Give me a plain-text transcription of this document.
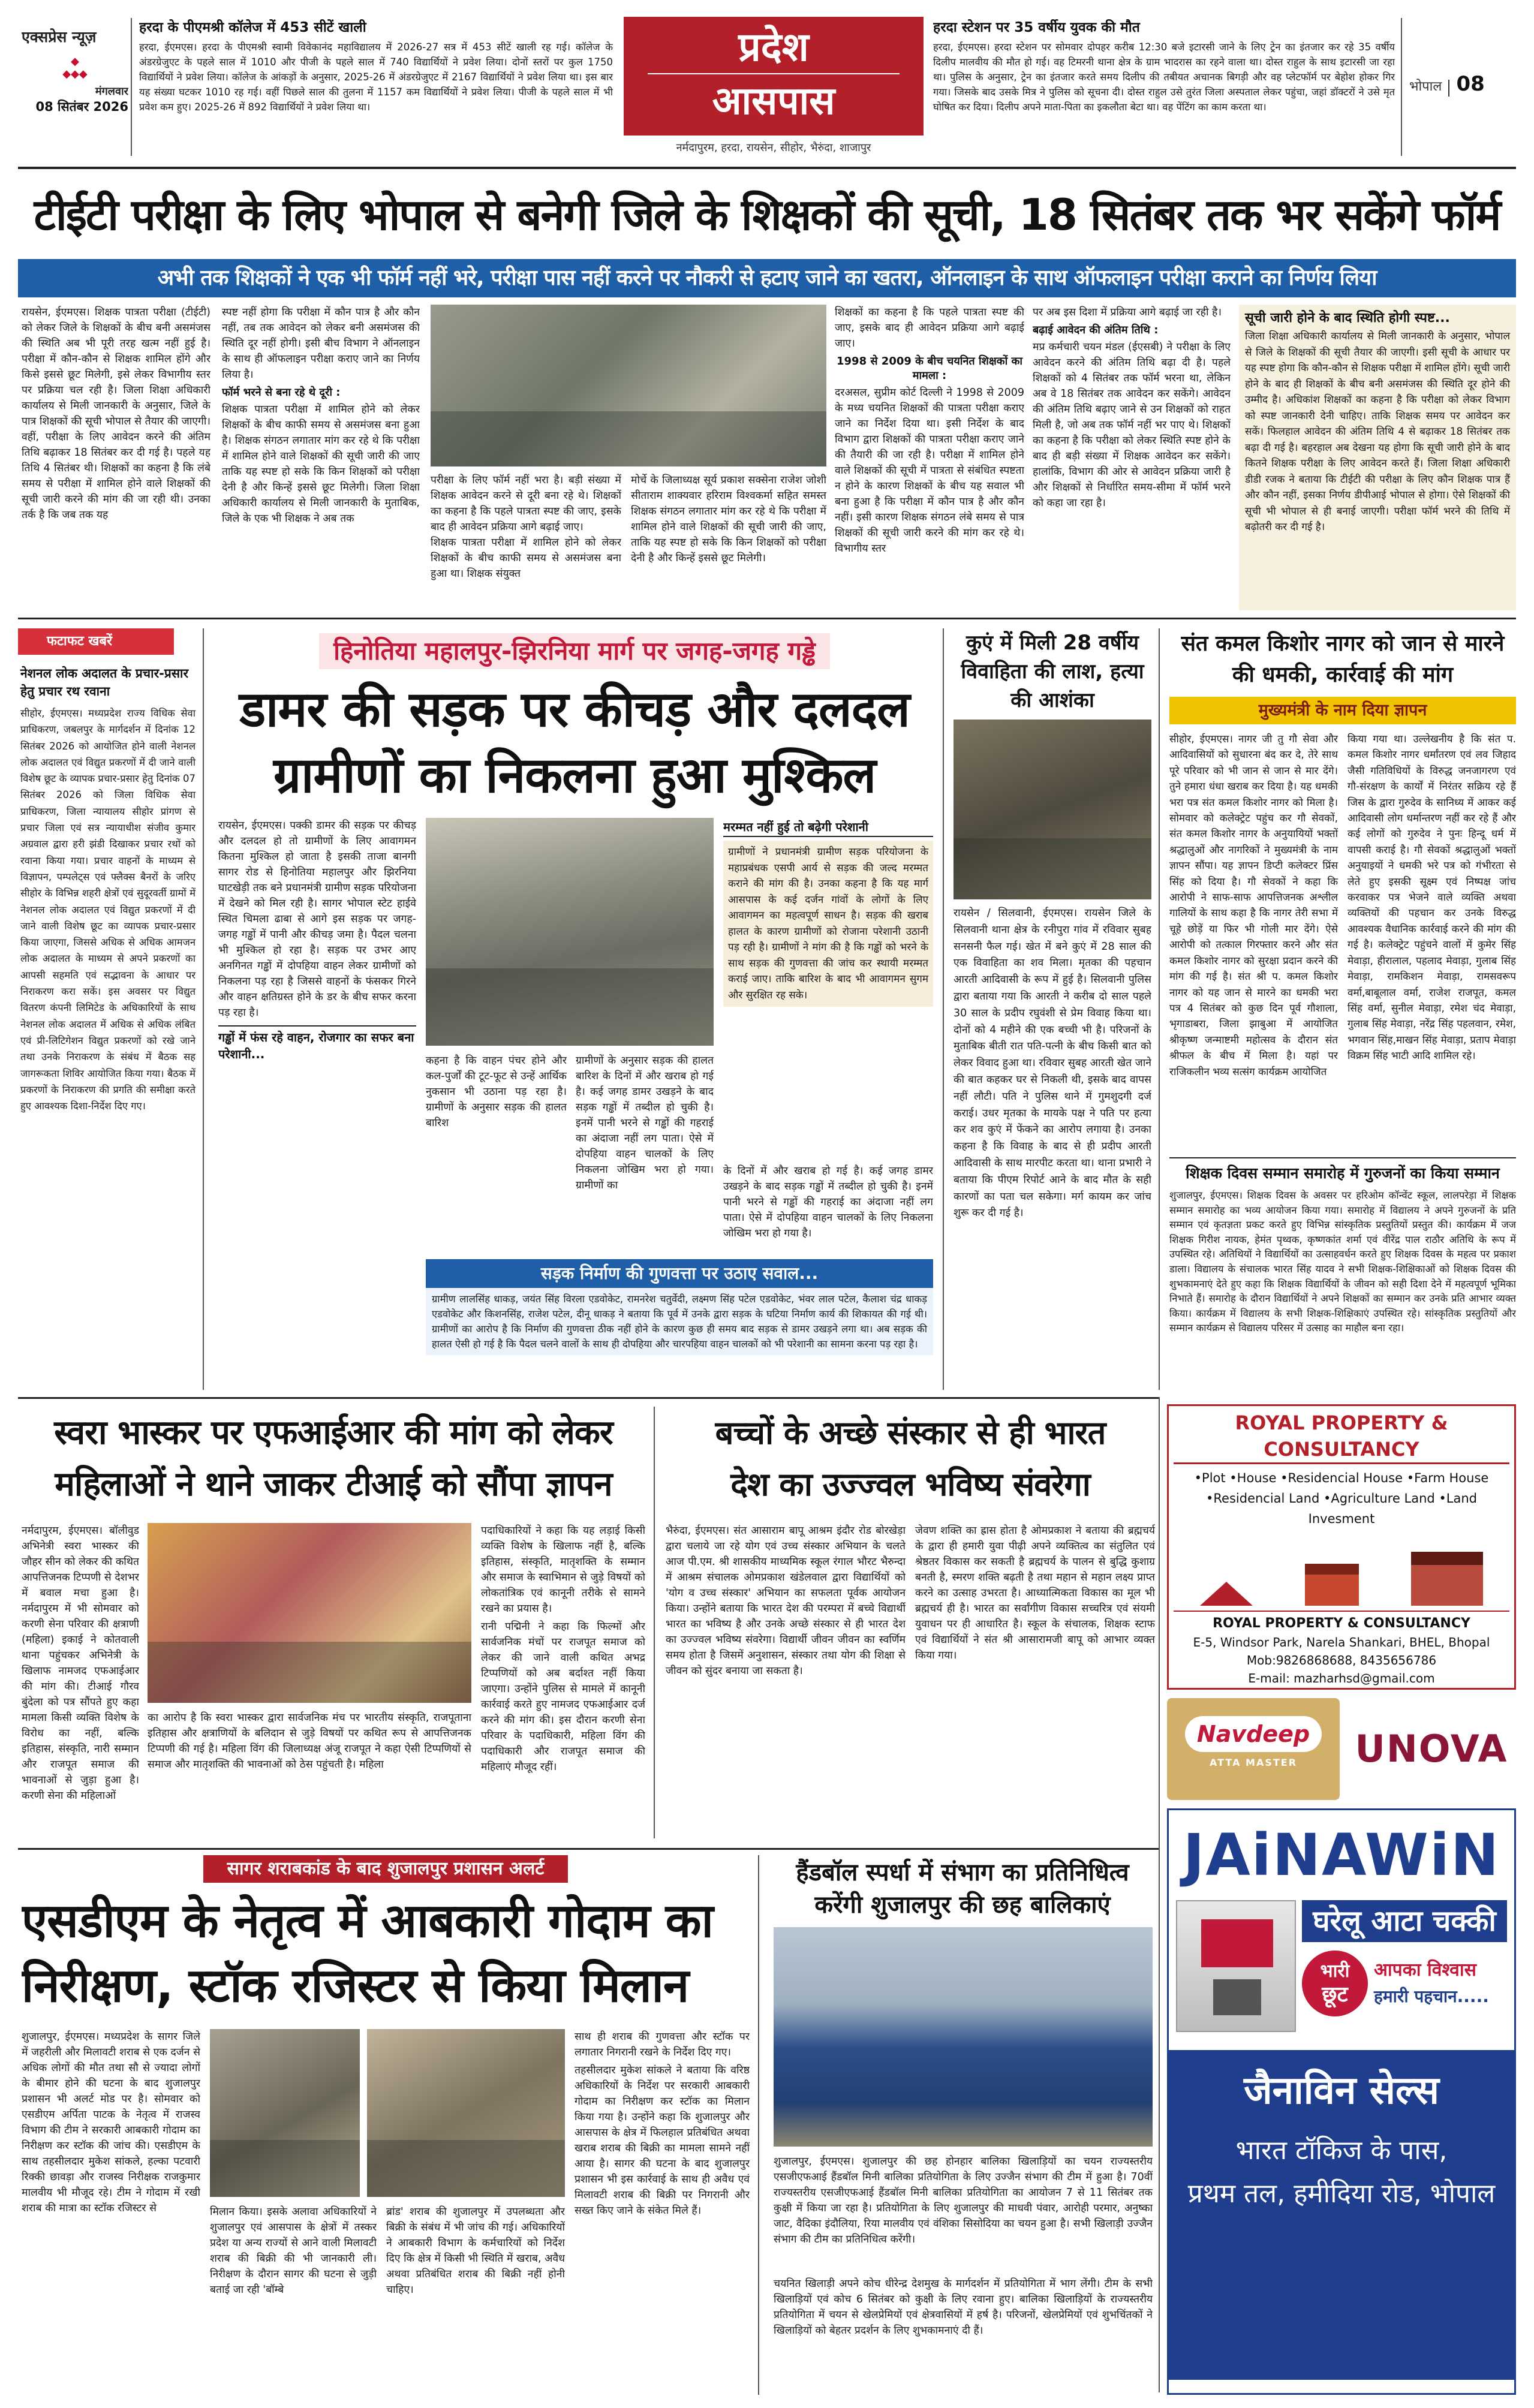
एक्सप्रेस न्यूज़
◆
◆◆◆
मंगलवार
08 सितंबर 2026
हरदा के पीएमश्री कॉलेज में 453 सीटें खाली
हरदा, ईएमएस। हरदा के पीएमश्री स्वामी विवेकानंद महाविद्यालय में 2026-27 सत्र में 453 सीटें खाली रह गई। कॉलेज के अंडरग्रेजुएट के पहले साल में 1010 और पीजी के पहले साल में 740 विद्यार्थियों ने प्रवेश लिया। दोनों स्तरों पर कुल 1750 विद्यार्थियों ने प्रवेश लिया। कॉलेज के आंकड़ों के अनुसार, 2025-26 में अंडरग्रेजुएट में 2167 विद्यार्थियों ने प्रवेश लिया था। इस बार यह संख्या घटकर 1010 रह गई। वहीं पिछले साल की तुलना में 1157 कम विद्यार्थियों ने प्रवेश लिया। पीजी के पहले साल में भी प्रवेश कम हुए। 2025-26 में 892 विद्यार्थियों ने प्रवेश लिया था।
प्रदेश
आसपास
नर्मदापुरम, हरदा, रायसेन, सीहोर, भैरुंदा, शाजापुर
हरदा स्टेशन पर 35 वर्षीय युवक की मौत
हरदा, ईएमएस। हरदा स्टेशन पर सोमवार दोपहर करीब 12:30 बजे इटारसी जाने के लिए ट्रेन का इंतजार कर रहे 35 वर्षीय दिलीप मालवीय की मौत हो गई। वह टिमरनी थाना क्षेत्र के ग्राम भादरास का रहने वाला था। दोस्त राहुल के साथ इटारसी जा रहा था। पुलिस के अनुसार, ट्रेन का इंतजार करते समय दिलीप की तबीयत अचानक बिगड़ी और वह प्लेटफॉर्म पर बेहोश होकर गिर गया। जिसके बाद उसके मित्र ने पुलिस को सूचना दी। दोस्त राहुल उसे तुरंत जिला अस्पताल लेकर पहुंचा, जहां डॉक्टरों ने उसे मृत घोषित कर दिया। दिलीप अपने माता-पिता का इकलौता बेटा था। वह पेंटिंग का काम करता था।
भोपाल 08
टीईटी परीक्षा के लिए भोपाल से बनेगी जिले के शिक्षकों की सूची, 18 सितंबर तक भर सकेंगे फॉर्म
अभी तक शिक्षकों ने एक भी फॉर्म नहीं भरे, परीक्षा पास नहीं करने पर नौकरी से हटाए जाने का खतरा, ऑनलाइन के साथ ऑफलाइन परीक्षा कराने का निर्णय लिया
रायसेन, ईएमएस। शिक्षक पात्रता परीक्षा (टीईटी) को लेकर जिले के शिक्षकों के बीच बनी असमंजस की स्थिति अब भी पूरी तरह खत्म नहीं हुई है। परीक्षा में कौन-कौन से शिक्षक शामिल होंगे और किसे इससे छूट मिलेगी, इसे लेकर विभागीय स्तर पर प्रक्रिया चल रही है। जिला शिक्षा अधिकारी कार्यालय से मिली जानकारी के अनुसार, जिले के पात्र शिक्षकों की सूची भोपाल से तैयार की जाएगी। वहीं, परीक्षा के लिए आवेदन करने की अंतिम तिथि बढ़ाकर 18 सितंबर कर दी गई है। पहले यह तिथि 4 सितंबर थी। शिक्षकों का कहना है कि लंबे समय से परीक्षा में शामिल होने वाले शिक्षकों की सूची जारी करने की मांग की जा रही थी। उनका तर्क है कि जब तक यह
स्पष्ट नहीं होगा कि परीक्षा में कौन पात्र है और कौन नहीं, तब तक आवेदन को लेकर बनी असमंजस की स्थिति दूर नहीं होगी। इसी बीच विभाग ने ऑनलाइन के साथ ही ऑफलाइन परीक्षा कराए जाने का निर्णय लिया है।
फॉर्म भरने से बना रहे थे दूरी :
शिक्षक पात्रता परीक्षा में शामिल होने को लेकर शिक्षकों के बीच काफी समय से असमंजस बना हुआ है। शिक्षक संगठन लगातार मांग कर रहे थे कि परीक्षा में शामिल होने वाले शिक्षकों की सूची जारी की जाए ताकि यह स्पष्ट हो सके कि किन शिक्षकों को परीक्षा देनी है और किन्हें इससे छूट मिलेगी। जिला शिक्षा अधिकारी कार्यालय से मिली जानकारी के मुताबिक, जिले के एक भी शिक्षक ने अब तक
परीक्षा के लिए फॉर्म नहीं भरा है। बड़ी संख्या में शिक्षक आवेदन करने से दूरी बना रहे थे। शिक्षकों का कहना है कि पहले पात्रता स्पष्ट की जाए, इसके बाद ही आवेदन प्रक्रिया आगे बढ़ाई जाए।
शिक्षक पात्रता परीक्षा में शामिल होने को लेकर शिक्षकों के बीच काफी समय से असमंजस बना हुआ था। शिक्षक संयुक्त
मोर्चे के जिलाध्यक्ष सूर्य प्रकाश सक्सेना राजेश जोशी सीताराम शाक्यवार हरिराम विश्वकर्मा सहित समस्त शिक्षक संगठन लगातार मांग कर रहे थे कि परीक्षा में शामिल होने वाले शिक्षकों की सूची जारी की जाए, ताकि यह स्पष्ट हो सके कि किन शिक्षकों को परीक्षा देनी है और किन्हें इससे छूट मिलेगी।
शिक्षकों का कहना है कि पहले पात्रता स्पष्ट की जाए, इसके बाद ही आवेदन प्रक्रिया आगे बढ़ाई जाए।
1998 से 2009 के बीच चयनित शिक्षकों का मामला :
दरअसल, सुप्रीम कोर्ट दिल्ली ने 1998 से 2009 के मध्य चयनित शिक्षकों की पात्रता परीक्षा कराए जाने का निर्देश दिया था। इसी निर्देश के बाद विभाग द्वारा शिक्षकों की पात्रता परीक्षा कराए जाने की तैयारी की जा रही है। परीक्षा में शामिल होने वाले शिक्षकों की सूची में पात्रता से संबंधित स्पष्टता न होने के कारण शिक्षकों के बीच यह सवाल भी बना हुआ है कि परीक्षा में कौन पात्र है और कौन नहीं। इसी कारण शिक्षक संगठन लंबे समय से पात्र शिक्षकों की सूची जारी करने की मांग कर रहे थे। विभागीय स्तर
पर अब इस दिशा में प्रक्रिया आगे बढ़ाई जा रही है।
बढ़ाई आवेदन की अंतिम तिथि :
मप्र कर्मचारी चयन मंडल (ईएसबी) ने परीक्षा के लिए आवेदन करने की अंतिम तिथि बढ़ा दी है। पहले शिक्षकों को 4 सितंबर तक फॉर्म भरना था, लेकिन अब वे 18 सितंबर तक आवेदन कर सकेंगे। आवेदन की अंतिम तिथि बढ़ाए जाने से उन शिक्षकों को राहत मिली है, जो अब तक फॉर्म नहीं भर पाए थे। शिक्षकों का कहना है कि परीक्षा को लेकर स्थिति स्पष्ट होने के बाद ही बड़ी संख्या में शिक्षक आवेदन कर सकेंगे। हालांकि, विभाग की ओर से आवेदन प्रक्रिया जारी है और शिक्षकों से निर्धारित समय-सीमा में फॉर्म भरने को कहा जा रहा है।
सूची जारी होने के बाद स्थिति होगी स्पष्ट...
जिला शिक्षा अधिकारी कार्यालय से मिली जानकारी के अनुसार, भोपाल से जिले के शिक्षकों की सूची तैयार की जाएगी। इसी सूची के आधार पर यह स्पष्ट होगा कि कौन-कौन से शिक्षक परीक्षा में शामिल होंगे। सूची जारी होने के बाद ही शिक्षकों के बीच बनी असमंजस की स्थिति दूर होने की उम्मीद है। अधिकांश शिक्षकों का कहना है कि परीक्षा को लेकर विभाग को स्पष्ट जानकारी देनी चाहिए। ताकि शिक्षक समय पर आवेदन कर सकें। फिलहाल आवेदन की अंतिम तिथि 4 से बढ़ाकर 18 सितंबर तक बढ़ा दी गई है। बहरहाल अब देखना यह होगा कि सूची जारी होने के बाद कितने शिक्षक परीक्षा के लिए आवेदन करते हैं। जिला शिक्षा अधिकारी डीडी रजक ने बताया कि टीईटी की परीक्षा के लिए कौन शिक्षक पात्र हैं और कौन नहीं, इसका निर्णय डीपीआई भोपाल से होगा। ऐसे शिक्षकों की सूची भी भोपाल से ही बनाई जाएगी। परीक्षा फॉर्म भरने की तिथि में बढ़ोतरी कर दी गई है।
फटाफट खबरें
नेशनल लोक अदालत के प्रचार-प्रसार हेतु प्रचार रथ रवाना
सीहोर, ईएमएस। मध्यप्रदेश राज्य विधिक सेवा प्राधिकरण, जबलपुर के मार्गदर्शन में दिनांक 12 सितंबर 2026 को आयोजित होने वाली नेशनल लोक अदालत एवं विद्युत प्रकरणों में दी जाने वाली विशेष छूट के व्यापक प्रचार-प्रसार हेतु दिनांक 07 सितंबर 2026 को जिला विधिक सेवा प्राधिकरण, जिला न्यायालय सीहोर प्रांगण से प्रचार जिला एवं सत्र न्यायाधीश संजीव कुमार अग्रवाल द्वारा हरी झंडी दिखाकर प्रचार रथों को रवाना किया गया। प्रचार वाहनों के माध्यम से विज्ञापन, पम्पलेट्स एवं फ्लैक्स बैनरों के जरिए सीहोर के विभिन्न शहरी क्षेत्रों एवं सुदूरवर्ती ग्रामों में नेशनल लोक अदालत एवं विद्युत प्रकरणों में दी जाने वाली विशेष छूट का व्यापक प्रचार-प्रसार किया जाएगा, जिससे अधिक से अधिक आमजन लोक अदालत के माध्यम से अपने प्रकरणों का आपसी सहमति एवं सद्भावना के आधार पर निराकरण करा सकें। इस अवसर पर विद्युत वितरण कंपनी लिमिटेड के अधिकारियों के साथ नेशनल लोक अदालत में अधिक से अधिक लंबित एवं प्री-लिटिगेशन विद्युत प्रकरणों को रखे जाने तथा उनके निराकरण के संबंध में बैठक सह जागरूकता शिविर आयोजित किया गया। बैठक में प्रकरणों के निराकरण की प्रगति की समीक्षा करते हुए आवश्यक दिशा-निर्देश दिए गए।
हिनोतिया महालपुर-झिरनिया मार्ग पर जगह-जगह गड्ढे
डामर की सड़क पर कीचड़ और दलदल
ग्रामीणों का निकलना हुआ मुश्किल
रायसेन, ईएमएस। पक्की डामर की सड़क पर कीचड़ और दलदल हो तो ग्रामीणों के लिए आवागमन कितना मुश्किल हो जाता है इसकी ताजा बानगी सागर रोड से हिनोतिया महालपुर और झिरनिया घाटखेड़ी तक बने प्रधानमंत्री ग्रामीण सड़क परियोजना में देखने को मिल रही है। सागर भोपाल स्टेट हाईवे स्थित चिमला ढाबा से आगे इस सड़क पर जगह-जगह गड्ढों में पानी और कीचड़ जमा है। पैदल चलना भी मुश्किल हो रहा है। सड़क पर उभर आए अनगिनत गड्ढों में दोपहिया वाहन लेकर ग्रामीणों को निकलना पड़ रहा है जिससे वाहनों के फंसकर गिरने और वाहन क्षतिग्रस्त होने के डर के बीच सफर करना पड़ रहा है।
गड्ढों में फंस रहे वाहन, रोजगार का सफर बना परेशानी...	कहना है कि वाहन पंचर होने और कल-पुर्जों की टूट-फूट से उन्हें आर्थिक नुकसान भी उठाना पड़ रहा है। ग्रामीणों के अनुसार सड़क की हालत बारिश
ग्रामीणों के अनुसार सड़क की हालत बारिश के दिनों में और खराब हो गई है। कई जगह डामर उखड़ने के बाद सड़क गड्ढों में तब्दील हो चुकी है। इनमें पानी भरने से गड्ढों की गहराई का अंदाजा नहीं लग पाता। ऐसे में दोपहिया वाहन चालकों के लिए निकलना जोखिम भरा हो गया। ग्रामीणों का
मरम्मत नहीं हुई तो बढ़ेगी परेशानी
ग्रामीणों ने प्रधानमंत्री ग्रामीण सड़क परियोजना के महाप्रबंधक एसपी आर्य से सड़क की जल्द मरम्मत कराने की मांग की है। उनका कहना है कि यह मार्ग आसपास के कई दर्जन गांवों के लोगों के लिए आवागमन का महत्वपूर्ण साधन है। सड़क की खराब हालत के कारण ग्रामीणों को रोजाना परेशानी उठानी पड़ रही है। ग्रामीणों ने मांग की है कि गड्ढों को भरने के साथ सड़क की गुणवत्ता की जांच कर स्थायी मरम्मत कराई जाए। ताकि बारिश के बाद भी आवागमन सुगम और सुरक्षित रह सके।
के दिनों में और खराब हो गई है। कई जगह डामर उखड़ने के बाद सड़क गड्ढों में तब्दील हो चुकी है। इनमें पानी भरने से गड्ढों की गहराई का अंदाजा नहीं लग पाता। ऐसे में दोपहिया वाहन चालकों के लिए निकलना जोखिम भरा हो गया है।
सड़क निर्माण की गुणवत्ता पर उठाए सवाल...
ग्रामीण लालसिंह धाकड़, जयंत सिंह विरला एडवोकेट, रामनरेश चतुर्वेदी, लक्ष्मण सिंह पटेल एडवोकेट, भंवर लाल पटेल, कैलाश चंद्र धाकड़ एडवोकेट और किशनसिंह, राजेश पटेल, दीनू धाकड़ ने बताया कि पूर्व में उनके द्वारा सड़क के घटिया निर्माण कार्य की शिकायत की गई थी। ग्रामीणों का आरोप है कि निर्माण की गुणवत्ता ठीक नहीं होने के कारण कुछ ही समय बाद सड़क से डामर उखड़ने लगा था। अब सड़क की हालत ऐसी हो गई है कि पैदल चलने वालों के साथ ही दोपहिया और चारपहिया वाहन चालकों को भी परेशानी का सामना करना पड़ रहा है।
कुएं में मिली 28 वर्षीय विवाहिता की लाश, हत्या की आशंका
रायसेन / सिलवानी, ईएमएस। रायसेन जिले के सिलवानी थाना क्षेत्र के रनीपुरा गांव में रविवार सुबह सनसनी फैल गई। खेत में बने कुएं में 28 साल की एक विवाहिता का शव मिला। मृतका की पहचान आरती आदिवासी के रूप में हुई है। सिलवानी पुलिस द्वारा बताया गया कि आरती ने करीब दो साल पहले 30 साल के प्रदीप रघुवंशी से प्रेम विवाह किया था। दोनों को 4 महीने की एक बच्ची भी है। परिजनों के मुताबिक बीती रात पति-पत्नी के बीच किसी बात को लेकर विवाद हुआ था। रविवार सुबह आरती खेत जाने की बात कहकर घर से निकली थी, इसके बाद वापस नहीं लौटी। पति ने पुलिस थाने में गुमशुदगी दर्ज कराई। उधर मृतका के मायके पक्ष ने पति पर हत्या कर शव कुएं में फेंकने का आरोप लगाया है। उनका कहना है कि विवाह के बाद से ही प्रदीप आरती आदिवासी के साथ मारपीट करता था। थाना प्रभारी ने बताया कि पीएम रिपोर्ट आने के बाद मौत के सही कारणों का पता चल सकेगा। मर्ग कायम कर जांच शुरू कर दी गई है।
संत कमल किशोर नागर को जान से मारने की धमकी, कार्रवाई की मांग
मुख्यमंत्री के नाम दिया ज्ञापन
सीहोर, ईएमएस। नागर जी तु गौ सेवा और आदिवासियों को सुधारना बंद कर दे, तेरे साथ पूरे परिवार को भी जान से जान से मार देंगे। तुने हमारा धंधा खराब कर दिया है। यह धमकी भरा पत्र संत कमल किशोर नागर को मिला है। सोमवार को कलेक्ट्रेट पहुंच कर गौ सेवकों, संत कमल किशोर नागर के अनुयायियों भक्तों श्रद्धालुओं और नागरिकों ने मुख्यमंत्री के नाम ज्ञापन सौंपा। यह ज्ञापन डिप्टी कलेक्टर प्रिंस सिंह को दिया है। गौ सेवकों ने कहा कि आरोपी ने साफ-साफ आपत्तिजनक अश्लील गालियों के साथ कहा है कि नागर तेरी सभा में चूहे छोड़ें या फिर भी गोली मार देंगे। ऐसे आरोपी को तत्काल गिरफ्तार करने और संत कमल किशोर नागर को सुरक्षा प्रदान करने की मांग की गई है। संत श्री प. कमल किशोर नागर को यह जान से मारने का धमकी भरा पत्र 4 सितंबर को कुछ दिन पूर्व गौशाला, भृगाडाबरा, जिला झाबुआ में आयोजित श्रीकृष्ण जन्माष्टमी महोत्सव के दौरान संत श्रीफल के बीच में मिला है। यहां पर राजिकलीन भव्य सत्संग कार्यक्रम आयोजित
किया गया था। उल्लेखनीय है कि संत प. कमल किशोर नागर धर्मांतरण एवं लव जिहाद जैसी गतिविधियों के विरुद्ध जनजागरण एवं गौ-संरक्षण के कार्यों में निरंतर सक्रिय रहे हैं जिस के द्वारा गुरुदेव के सानिध्य में आकर कई आदिवासी लोग धर्मान्तरण नहीं कर रहे हैं और कई लोगों को गुरुदेव ने पुनः हिन्दू धर्म में वापसी कराई है। गौ सेवकों श्रद्धालुओं भक्तों अनुयाइयों ने धमकी भरे पत्र को गंभीरता से लेते हुए इसकी सूक्ष्म एवं निष्पक्ष जांच करवाकर पत्र भेजने वाले व्यक्ति अथवा व्यक्तियों की पहचान कर उनके विरुद्ध आवश्यक वैधानिक कार्रवाई करने की मांग की गई है। कलेक्ट्रेट पहुंचने वालों में कुमेर सिंह मेवाड़ा, हीरालाल, पहलाद मेवाड़ा, गुलाब सिंह मेवाड़ा, रामकिशन मेवाड़ा, रामसवरूप वर्मा,बाबूलाल वर्मा, राजेश राजपूत, कमल सिंह वर्मा, सुनील मेवाड़ा, रमेश चंद मेवाड़ा, गुलाब सिंह मेवाड़ा, नरेंद्र सिंह पहलवान, रमेश, भगवान सिंह,माखन सिंह मेवाड़ा, प्रताप मेवाड़ा विक्रम सिंह भाटी आदि शामिल रहे।
शिक्षक दिवस सम्मान समारोह में गुरुजनों का किया सम्मान
शुजालपुर, ईएमएस। शिक्षक दिवस के अवसर पर हरिओम कॉन्वेंट स्कूल, लालपरेड़ा में शिक्षक सम्मान समारोह का भव्य आयोजन किया गया। समारोह में विद्यालय ने अपने गुरुजनों के प्रति सम्मान एवं कृतज्ञता प्रकट करते हुए विभिन्न सांस्कृतिक प्रस्तुतियों प्रस्तुत की। कार्यक्रम में जज शिक्षक गिरीश नायक, हेमंत पृथ्वक, कृष्णकांत शर्मा एवं वीरेंद्र पाल राठौर अतिथि के रूप में उपस्थित रहे। अतिथियों ने विद्यार्थियों का उत्साहवर्धन करते हुए शिक्षक दिवस के महत्व पर प्रकाश डाला। विद्यालय के संचालक भारत सिंह यादव ने सभी शिक्षक-शिक्षिकाओं को शिक्षक दिवस की शुभकामनाएं देते हुए कहा कि शिक्षक विद्यार्थियों के जीवन को सही दिशा देने में महत्वपूर्ण भूमिका निभाते हैं। समारोह के दौरान विद्यार्थियों ने अपने शिक्षकों का सम्मान कर उनके प्रति आभार व्यक्त किया। कार्यक्रम में विद्यालय के सभी शिक्षक-शिक्षिकाएं उपस्थित रहे। सांस्कृतिक प्रस्तुतियों और सम्मान कार्यक्रम से विद्यालय परिसर में उत्साह का माहौल बना रहा।
स्वरा भास्कर पर एफआईआर की मांग को लेकर
महिलाओं ने थाने जाकर टीआई को सौंपा ज्ञापन
नर्मदापुरम, ईएमएस। बॉलीवुड अभिनेत्री स्वरा भास्कर की जौहर सीन को लेकर की कथित आपत्तिजनक टिप्पणी से देशभर में बवाल मचा हुआ है। नर्मदापुरम में भी सोमवार को करणी सेना परिवार की क्षत्राणी (महिला) इकाई ने कोतवाली थाना पहुंचकर अभिनेत्री के खिलाफ नामजद एफआईआर की मांग की। टीआई गौरव बुंदेला को पत्र सौंपते हुए कहा मामला किसी व्यक्ति विशेष के विरोध का नहीं, बल्कि इतिहास, संस्कृति, नारी सम्मान और राजपूत समाज की भावनाओं से जुड़ा हुआ है। करणी सेना की महिलाओं
का आरोप है कि स्वरा भास्कर द्वारा सार्वजनिक मंच पर भारतीय संस्कृति, राजपूताना इतिहास और क्षत्राणियों के बलिदान से जुड़े विषयों पर कथित रूप से आपत्तिजनक टिप्पणी की गई है। महिला विंग की जिलाध्यक्ष अंजू राजपूत ने कहा ऐसी टिप्पणियों से समाज और मातृशक्ति की भावनाओं को ठेस पहुंचती है। महिला
पदाधिकारियों ने कहा कि यह लड़ाई किसी व्यक्ति विशेष के खिलाफ नहीं है, बल्कि इतिहास, संस्कृति, मातृशक्ति के सम्मान और समाज के स्वाभिमान से जुड़े विषयों को लोकतांत्रिक एवं कानूनी तरीके से सामने रखने का प्रयास है।
रानी पद्मिनी ने कहा कि फिल्मों और सार्वजनिक मंचों पर राजपूत समाज को लेकर की जाने वाली कथित अभद्र टिप्पणियों को अब बर्दाश्त नहीं किया जाएगा। उन्होंने पुलिस से मामले में कानूनी कार्रवाई करते हुए नामजद एफआईआर दर्ज करने की मांग की। इस दौरान करणी सेना परिवार के पदाधिकारी, महिला विंग की पदाधिकारी और राजपूत समाज की महिलाएं मौजूद रहीं।
बच्चों के अच्छे संस्कार से ही भारत
देश का उज्ज्वल भविष्य संवरेगा
भैरुंदा, ईएमएस। संत आसाराम बापू आश्रम इंदौर रोड बोरखेड़ा द्वारा चलाये जा रहे योग एवं उच्च संस्कार अभियान के चलते आज पी.एम. श्री शासकीय माध्यमिक स्कूल रंगाल भौरट भैरुन्दा में आश्रम संचालक ओमप्रकाश खंडेलवाल द्वारा विद्यार्थियों को 'योग व उच्च संस्कार' अभियान का सफलता पूर्वक आयोजन किया। उन्होंने बताया कि भारत देश की परम्परा में बच्चे विद्यार्थी भारत का भविष्य है और उनके अच्छे संस्कार से ही भारत देश का उज्ज्वल भविष्य संवरेगा। विद्यार्थी जीवन जीवन का स्वर्णिम समय होता है जिसमें अनुशासन, संस्कार तथा योग की शिक्षा से जीवन को सुंदर बनाया जा सकता है।
जेवण शक्ति का ह्रास होता है ओमप्रकाश ने बताया की ब्रह्मचर्य के द्वारा ही हमारी युवा पीढ़ी अपने व्यक्तित्व का संतुलित एवं श्रेष्ठतर विकास कर सकती है ब्रह्मचर्य के पालन से बुद्धि कुशाग्र बनती है, स्मरण शक्ति बढ़ती है तथा महान से महान लक्ष्य प्राप्त करने का उत्साह उभरता है। आध्यात्मिकता विकास का मूल भी ब्रह्मचर्य ही है। भारत का सर्वांगीण विकास सच्चरित्र एवं संयमी युवाधन पर ही आधारित है। स्कूल के संचालक, शिक्षक स्टाफ एवं विद्यार्थियों ने संत श्री आसारामजी बापू को आभार व्यक्त किया गया।
सागर शराबकांड के बाद शुजालपुर प्रशासन अलर्ट
एसडीएम के नेतृत्व में आबकारी गोदाम का
निरीक्षण, स्टॉक रजिस्टर से किया मिलान
शुजालपुर, ईएमएस। मध्यप्रदेश के सागर जिले में जहरीली और मिलावटी शराब से एक दर्जन से अधिक लोगों की मौत तथा सौ से ज्यादा लोगों के बीमार होने की घटना के बाद शुजालपुर प्रशासन भी अलर्ट मोड पर है। सोमवार को एसडीएम अर्पिता पाटक के नेतृत्व में राजस्व विभाग की टीम ने सरकारी आबकारी गोदाम का निरीक्षण कर स्टॉक की जांच की। एसडीएम के साथ तहसीलदार मुकेश सांकले, हल्का पटवारी रिक्की छावड़ा और राजस्व निरीक्षक राजकुमार मालवीय भी मौजूद रहे। टीम ने गोदाम में रखी शराब की मात्रा का स्टॉक रजिस्टर से	मिलान किया। इसके अलावा अधिकारियों ने शुजालपुर एवं आसपास के क्षेत्रों में तस्कर प्रदेश या अन्य राज्यों से आने वाली मिलावटी शराब की बिक्री की भी जानकारी ली। निरीक्षण के दौरान सागर की घटना से जुड़ी बताई जा रही 'बॉम्बे
ब्रांड' शराब की शुजालपुर में उपलब्धता और बिक्री के संबंध में भी जांच की गई। अधिकारियों ने आबकारी विभाग के कर्मचारियों को निर्देश दिए कि क्षेत्र में किसी भी स्थिति में खराब, अवैध अथवा प्रतिबंधित शराब की बिक्री नहीं होनी चाहिए।
साथ ही शराब की गुणवत्ता और स्टॉक पर लगातार निगरानी रखने के निर्देश दिए गए।
तहसीलदार मुकेश सांकले ने बताया कि वरिष्ठ अधिकारियों के निर्देश पर सरकारी आबकारी गोदाम का निरीक्षण कर स्टॉक का मिलान किया गया है। उन्होंने कहा कि शुजालपुर और आसपास के क्षेत्र में फिलहाल प्रतिबंधित अथवा खराब शराब की बिक्री का मामला सामने नहीं आया है। सागर की घटना के बाद शुजालपुर प्रशासन भी इस कार्रवाई के साथ ही अवैध एवं मिलावटी शराब की बिक्री पर निगरानी और सख्त किए जाने के संकेत मिले हैं।
हैंडबॉल स्पर्धा में संभाग का प्रतिनिधित्व
करेंगी शुजालपुर की छह बालिकाएं
शुजालपुर, ईएमएस। शुजालपुर की छह होनहार बालिका खिलाड़ियों का चयन राज्यस्तरीय एसजीएफआई हैंडबॉल मिनी बालिका प्रतियोगिता के लिए उज्जैन संभाग की टीम में हुआ है। 70वीं राज्यस्तरीय एसजीएफआई हैंडबॉल मिनी बालिका प्रतियोगिता का आयोजन 7 से 11 सितंबर तक कुक्षी में किया जा रहा है। प्रतियोगिता के लिए शुजालपुर की माधवी पंवार, आरोही परमार, अनुष्का जाट, वैदिका इंदौलिया, रिया मालवीय एवं वंशिका सिसोदिया का चयन हुआ है। सभी खिलाड़ी उज्जैन संभाग की टीम का प्रतिनिधित्व करेंगी।
चयनित खिलाड़ी अपने कोच धीरेन्द्र देशमुख के मार्गदर्शन में प्रतियोगिता में भाग लेंगी। टीम के सभी खिलाड़ियों एवं कोच 6 सितंबर को कुक्षी के लिए रवाना हुए। बालिका खिलाड़ियों के राज्यस्तरीय प्रतियोगिता में चयन से खेलप्रेमियों एवं क्षेत्रवासियों में हर्ष है। परिजनों, खेलप्रेमियों एवं शुभचिंतकों ने खिलाड़ियों को बेहतर प्रदर्शन के लिए शुभकामनाएं दी हैं।
ROYAL PROPERTY & CONSULTANCY
•Plot •House •Residencial House •Farm House
•Residencial Land •Agriculture Land •Land Invesment
ROYAL PROPERTY & CONSULTANCY
E-5, Windsor Park, Narela Shankari, BHEL, Bhopal
Mob:9826868688, 8435656786
E-mail: mazharhsd@gmail.com
Navdeep
ATTA MASTER	UNOVA
JAiNAWiN
घरेलू आटा चक्की
भारी
छूट
आपका विश्वास
हमारी पहचान.....
जैनाविन सेल्स
भारत टॉकिज के पास,
प्रथम तल, हमीदिया रोड, भोपाल
